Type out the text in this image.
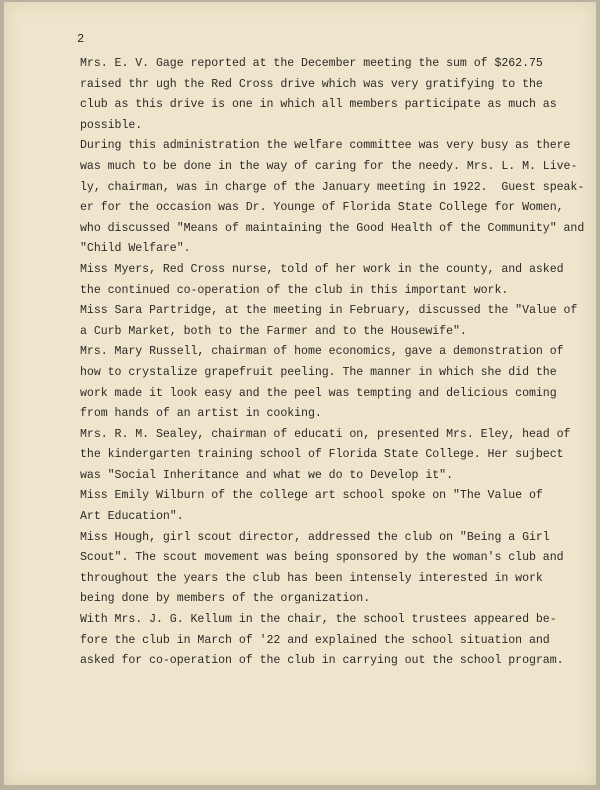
2
Mrs. E. V. Gage reported at the December meeting the sum of $262.75
raised thr ugh the Red Cross drive which was very gratifying to the
club as this drive is one in which all members participate as much as
possible.
During this administration the welfare committee was very busy as there
was much to be done in the way of caring for the needy. Mrs. L. M. Live-
ly, chairman, was in charge of the January meeting in 1922.  Guest speak-
er for the occasion was Dr. Younge of Florida State College for Women,
who discussed "Means of maintaining the Good Health of the Community" and
"Child Welfare".
Miss Myers, Red Cross nurse, told of her work in the county, and asked
the continued co-operation of the club in this important work.
Miss Sara Partridge, at the meeting in February, discussed the "Value of
a Curb Market, both to the Farmer and to the Housewife".
Mrs. Mary Russell, chairman of home economics, gave a demonstration of
how to crystalize grapefruit peeling. The manner in which she did the
work made it look easy and the peel was tempting and delicious coming
from hands of an artist in cooking.
Mrs. R. M. Sealey, chairman of educati on, presented Mrs. Eley, head of
the kindergarten training school of Florida State College. Her sujbect
was "Social Inheritance and what we do to Develop it".
Miss Emily Wilburn of the college art school spoke on "The Value of
Art Education".
Miss Hough, girl scout director, addressed the club on "Being a Girl
Scout". The scout movement was being sponsored by the woman's club and
throughout the years the club has been intensely interested in work
being done by members of the organization.
With Mrs. J. G. Kellum in the chair, the school trustees appeared be-
fore the club in March of '22 and explained the school situation and
asked for co-operation of the club in carrying out the school program.
